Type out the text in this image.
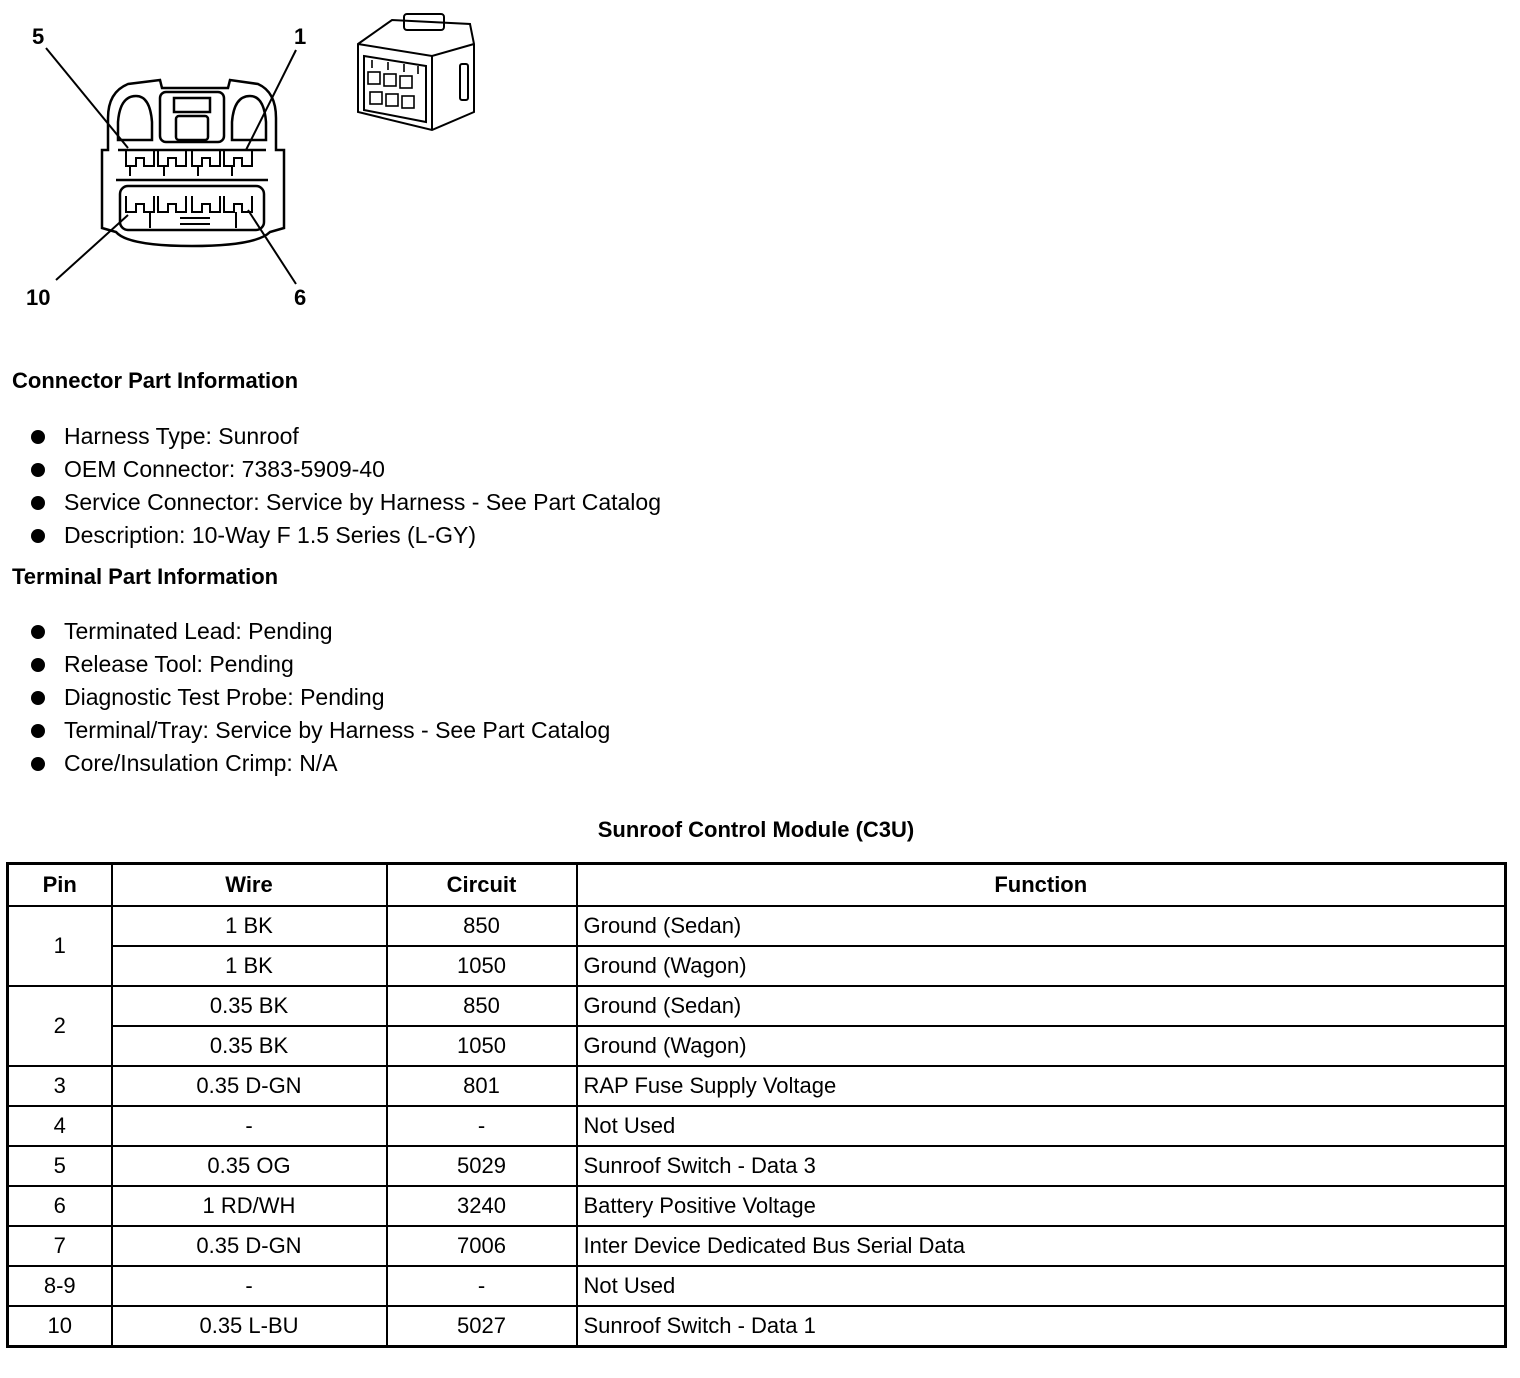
5	1
10	6
Connector Part Information
Harness Type: Sunroof
OEM Connector: 7383-5909-40
Service Connector: Service by Harness - See Part Catalog
Description: 10-Way F 1.5 Series (L-GY)
Terminal Part Information
Terminated Lead: Pending
Release Tool: Pending
Diagnostic Test Probe: Pending
Terminal/Tray: Service by Harness - See Part Catalog
Core/Insulation Crimp: N/A
Sunroof Control Module (C3U)
Pin	Wire	Circuit	Function
1	1 BK	850	Ground (Sedan)
	1 BK	1050	Ground (Wagon)
2	0.35 BK	850	Ground (Sedan)
	0.35 BK	1050	Ground (Wagon)
3	0.35 D-GN	801	RAP Fuse Supply Voltage
4	-	-	Not Used
5	0.35 OG	5029	Sunroof Switch - Data 3
6	1 RD/WH	3240	Battery Positive Voltage
7	0.35 D-GN	7006	Inter Device Dedicated Bus Serial Data
8-9	-	-	Not Used
10	0.35 L-BU	5027	Sunroof Switch - Data 1
